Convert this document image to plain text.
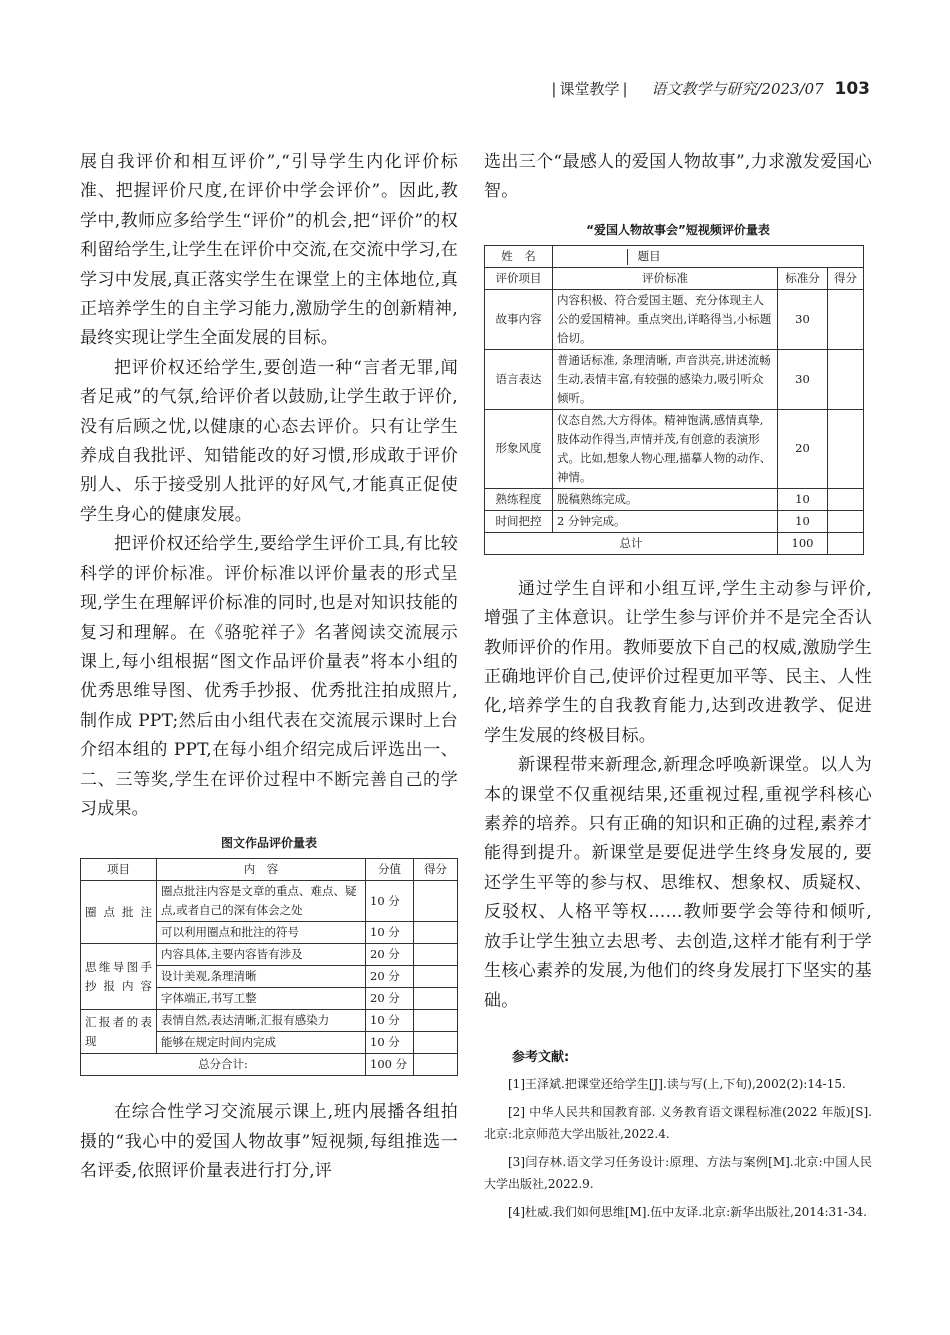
| 课堂教学 | 语文教学与研究/2023/07 103

展自我评价和相互评价”,“引导学生内化评价标准、把握评价尺度,在评价中学会评价”。因此,教学中,教师应多给学生“评价”的机会,把“评价”的权利留给学生,让学生在评价中交流,在交流中学习,在学习中发展,真正落实学生在课堂上的主体地位,真正培养学生的自主学习能力,激励学生的创新精神,最终实现让学生全面发展的目标。

把评价权还给学生,要创造一种“言者无罪,闻者足戒”的气氛,给评价者以鼓励,让学生敢于评价,没有后顾之忧,以健康的心态去评价。只有让学生养成自我批评、知错能改的好习惯,形成敢于评价别人、乐于接受别人批评的好风气,才能真正促使学生身心的健康发展。

把评价权还给学生,要给学生评价工具,有比较科学的评价标准。评价标准以评价量表的形式呈现,学生在理解评价标准的同时,也是对知识技能的复习和理解。在《骆驼祥子》名著阅读交流展示课上,每小组根据“图文作品评价量表”将本小组的优秀思维导图、优秀手抄报、优秀批注拍成照片,制作成 PPT;然后由小组代表在交流展示课时上台介绍本组的 PPT,在每小组介绍完成后评选出一、二、三等奖,学生在评价过程中不断完善自己的学习成果。

图文作品评价量表
项目	内　容	分值	得分
圈点批注	圈点批注内容是文章的重点、难点、疑点,或者自己的深有体会之处	10 分	
	可以利用圈点和批注的符号	10 分	
思维导图手抄报内容	内容具体,主要内容皆有涉及	20 分	
	设计美观,条理清晰	20 分	
	字体端正,书写工整	20 分	
汇报者的表现	表情自然,表达清晰,汇报有感染力	10 分	
	能够在规定时间内完成	10 分	
总分合计:		100 分	

在综合性学习交流展示课上,班内展播各组拍摄的“我心中的爱国人物故事”短视频,每组推选一名评委,依照评价量表进行打分,评

选出三个“最感人的爱国人物故事”,力求激发爱国心智。

“爱国人物故事会”短视频评价量表
姓　名	题目		
评价项目	评价标准	标准分	得分
故事内容	内容积极、符合爱国主题、充分体现主人公的爱国精神。重点突出,详略得当,小标题恰切。	30	
语言表达	普通话标准, 条理清晰, 声音洪亮,讲述流畅生动,表情丰富,有较强的感染力,吸引听众倾听。	30	
形象风度	仪态自然,大方得体。精神饱满,感情真挚,肢体动作得当,声情并茂,有创意的表演形式。比如,想象人物心理,描摹人物的动作、神情。	20	
熟练程度	脱稿熟练完成。	10	
时间把控	2 分钟完成。	10	
总计		100	

通过学生自评和小组互评,学生主动参与评价,增强了主体意识。让学生参与评价并不是完全否认教师评价的作用。教师要放下自己的权威,激励学生正确地评价自己,使评价过程更加平等、民主、人性化,培养学生的自我教育能力,达到改进教学、促进学生发展的终极目标。

新课程带来新理念,新理念呼唤新课堂。以人为本的课堂不仅重视结果,还重视过程,重视学科核心素养的培养。只有正确的知识和正确的过程,素养才能得到提升。新课堂是要促进学生终身发展的, 要还学生平等的参与权、思维权、想象权、质疑权、反驳权、人格平等权……教师要学会等待和倾听, 放手让学生独立去思考、去创造,这样才能有利于学生核心素养的发展,为他们的终身发展打下坚实的基础。

参考文献:

[1]王泽斌.把课堂还给学生[J].读与写(上,下旬),2002(2):14-15.

[2] 中华人民共和国教育部. 义务教育语文课程标准(2022 年版)[S].北京:北京师范大学出版社,2022.4.

[3]闫存林.语文学习任务设计:原理、方法与案例[M].北京:中国人民大学出版社,2022.9.

[4]杜威.我们如何思维[M].伍中友译.北京:新华出版社,2014:31-34.
